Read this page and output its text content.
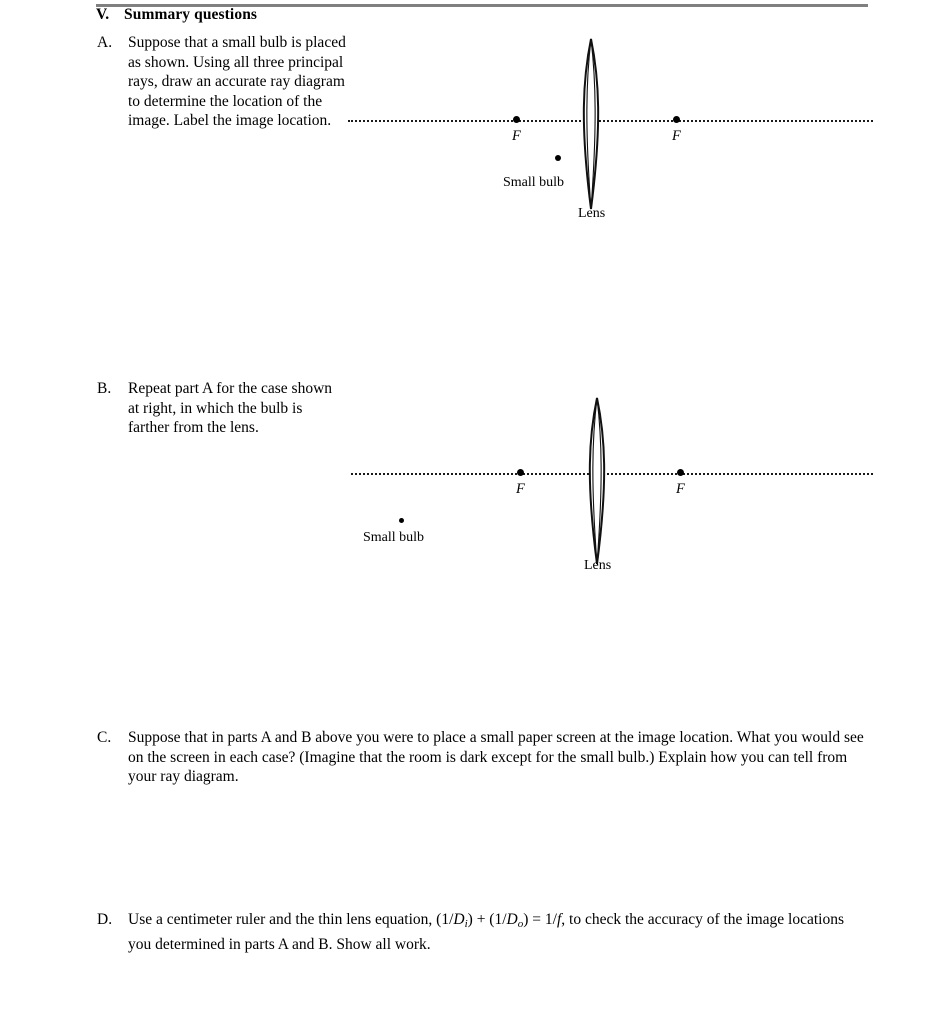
V. Summary questions
A.	Suppose that a small bulb is placed as shown. Using all three principal rays, draw an accurate ray diagram to determine the location of the image. Label the image location.
B.	Repeat part A for the case shown at right, in which the bulb is farther from the lens.
C.	Suppose that in parts A and B above you were to place a small paper screen at the image location. What you would see on the screen in each case? (Imagine that the room is dark except for the small bulb.) Explain how you can tell from your ray diagram.
D.	Use a centimeter ruler and the thin lens equation, $(1/D_i) + (1/D_o) = 1/f$, to check the accuracy of the image locations you determined in parts A and B. Show all work.
F	F
Small bulb
Lens
F	F
Small bulb
Lens
